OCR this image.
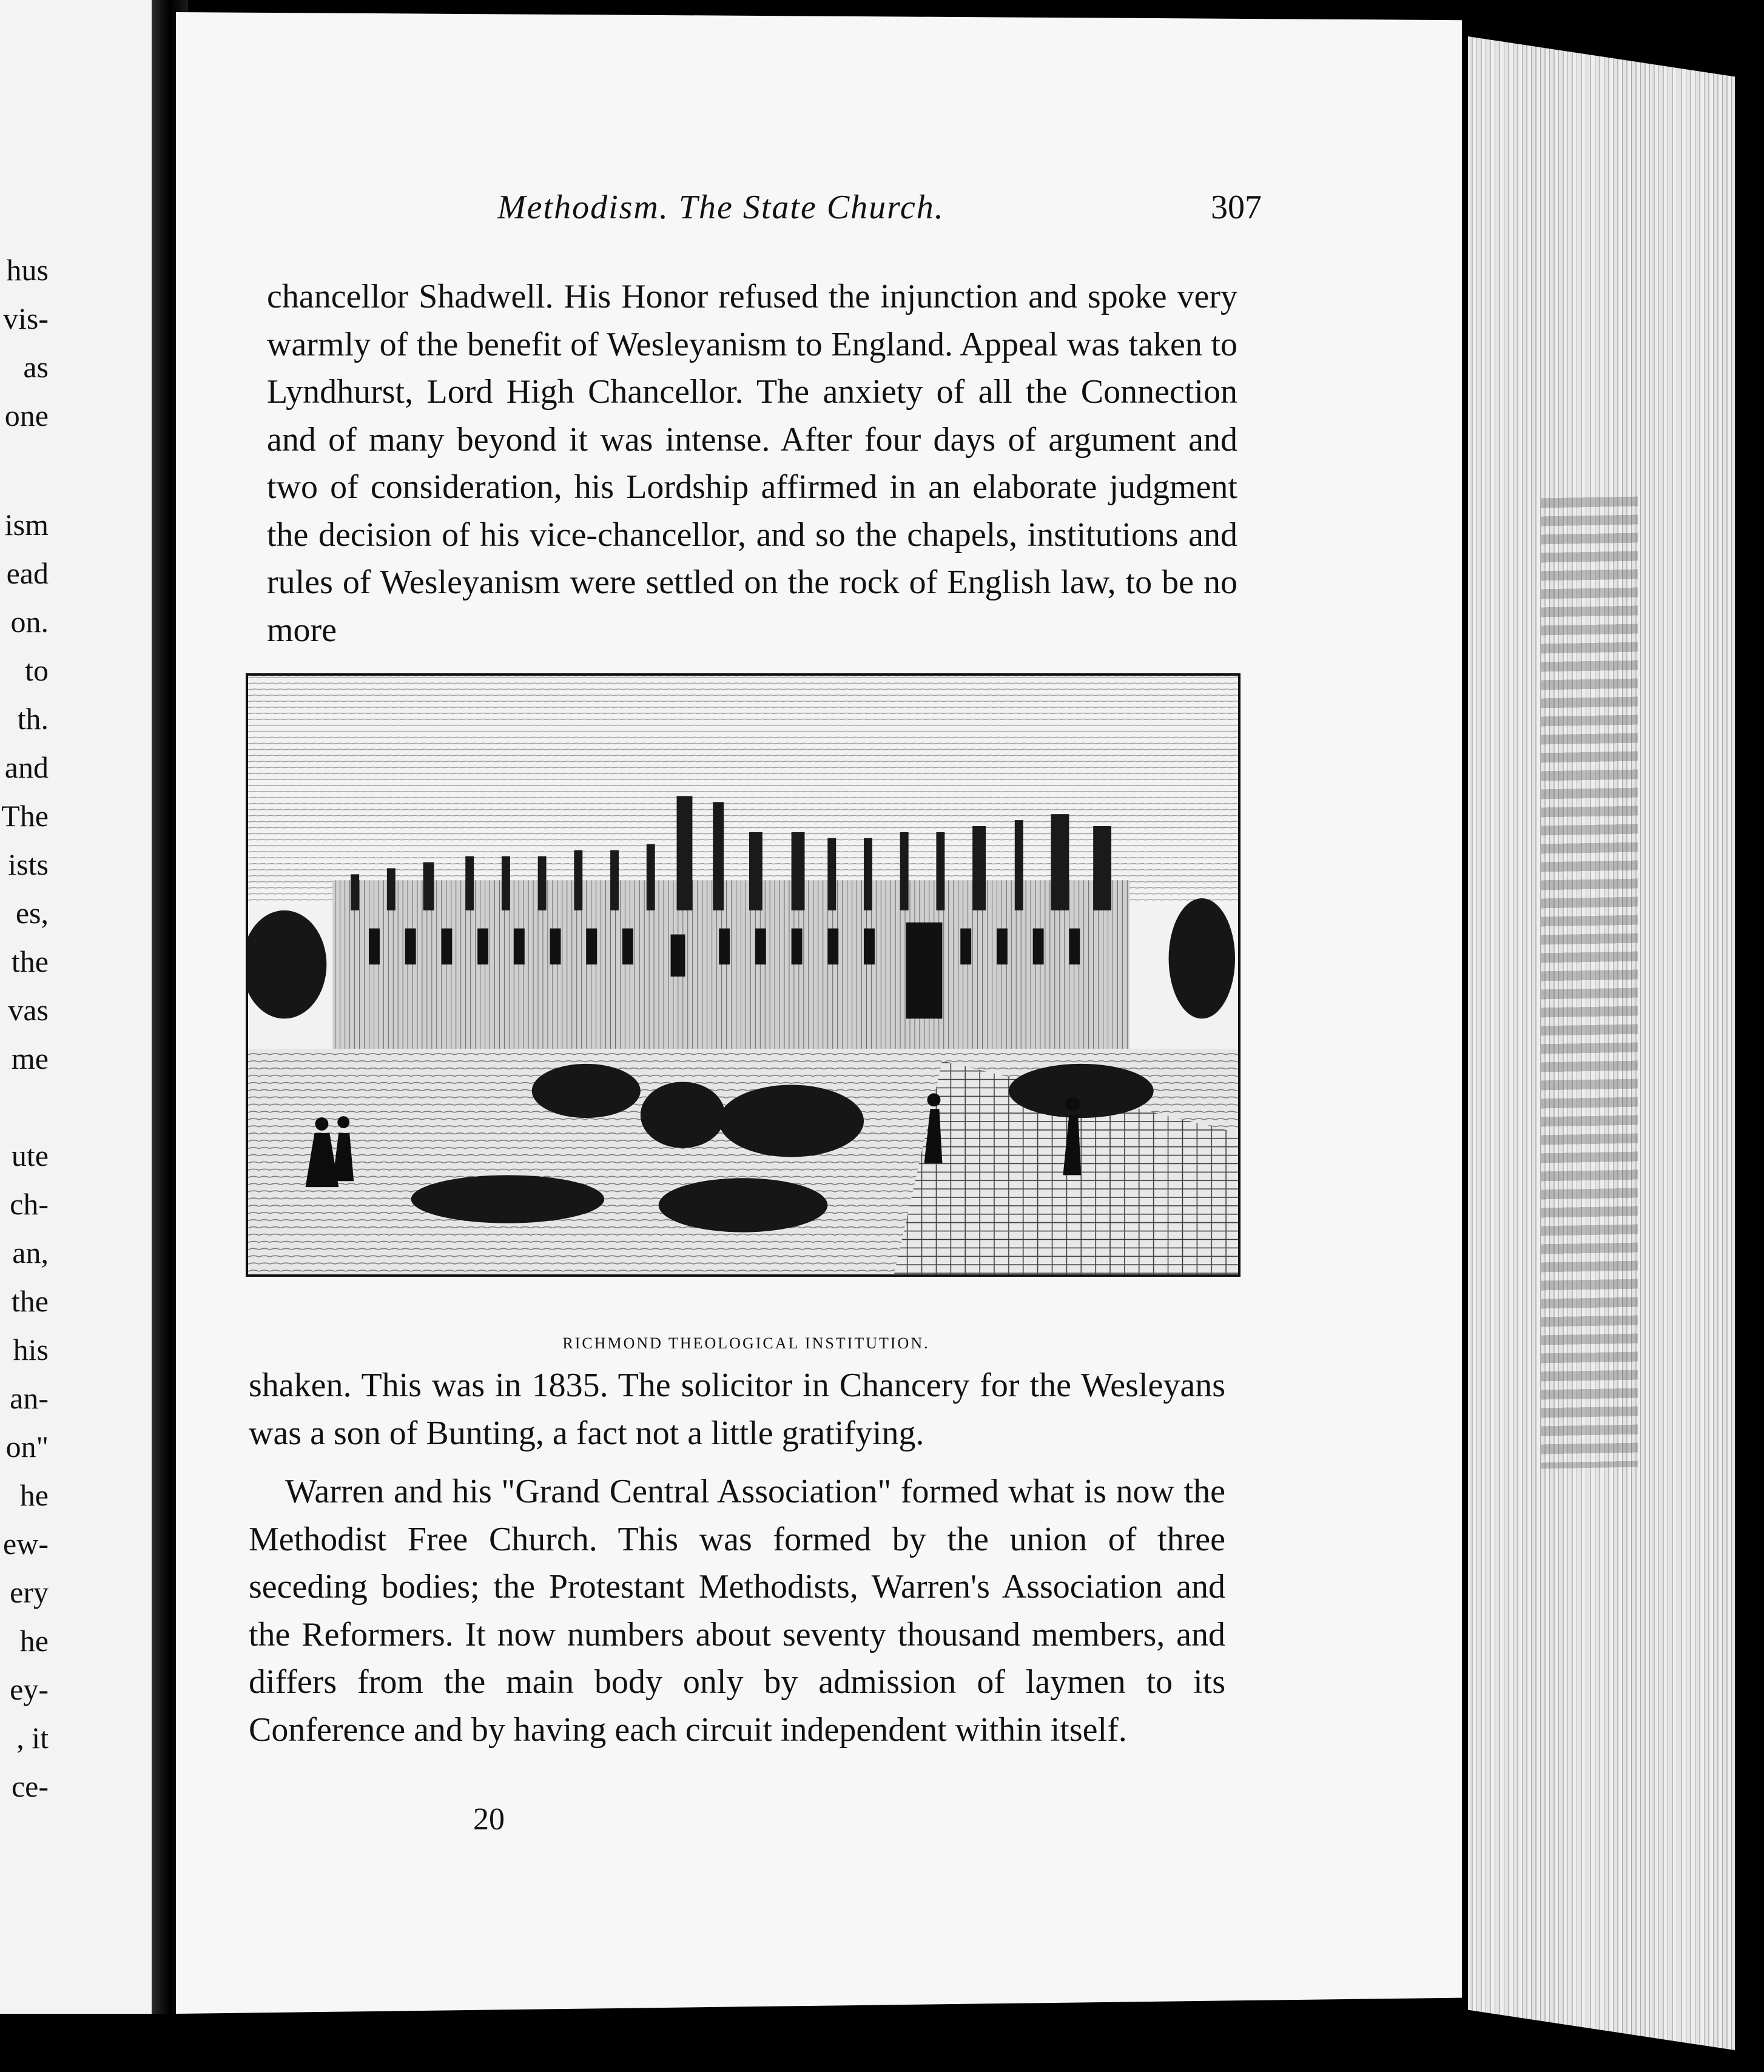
hus
vis-
as
one
ism
ead
on.
to
th.
and
The
ists
es,
the
vas
me
ute
ch-
an,
the
his
an-
on"
he
ew-
ery
he
ey-
, it
ce-
Methodism. The State Church.	307

chancellor Shadwell. His Honor refused the injunction and spoke very warmly of the benefit of Wesleyanism to England. Appeal was taken to Lyndhurst, Lord High Chancellor. The anxiety of all the Connection and of many beyond it was intense. After four days of argument and two of consideration, his Lordship affirmed in an elaborate judgment the decision of his vice-chancellor, and so the chapels, institutions and rules of Wesleyanism were settled on the rock of English law, to be no more

RICHMOND THEOLOGICAL INSTITUTION.

shaken. This was in 1835. The solicitor in Chancery for the Wesleyans was a son of Bunting, a fact not a little gratifying.

Warren and his "Grand Central Association" formed what is now the Methodist Free Church. This was formed by the union of three seceding bodies; the Protestant Methodists, Warren's Association and the Reformers. It now numbers about seventy thousand members, and differs from the main body only by admission of laymen to its Conference and by having each circuit independent within itself.

20
